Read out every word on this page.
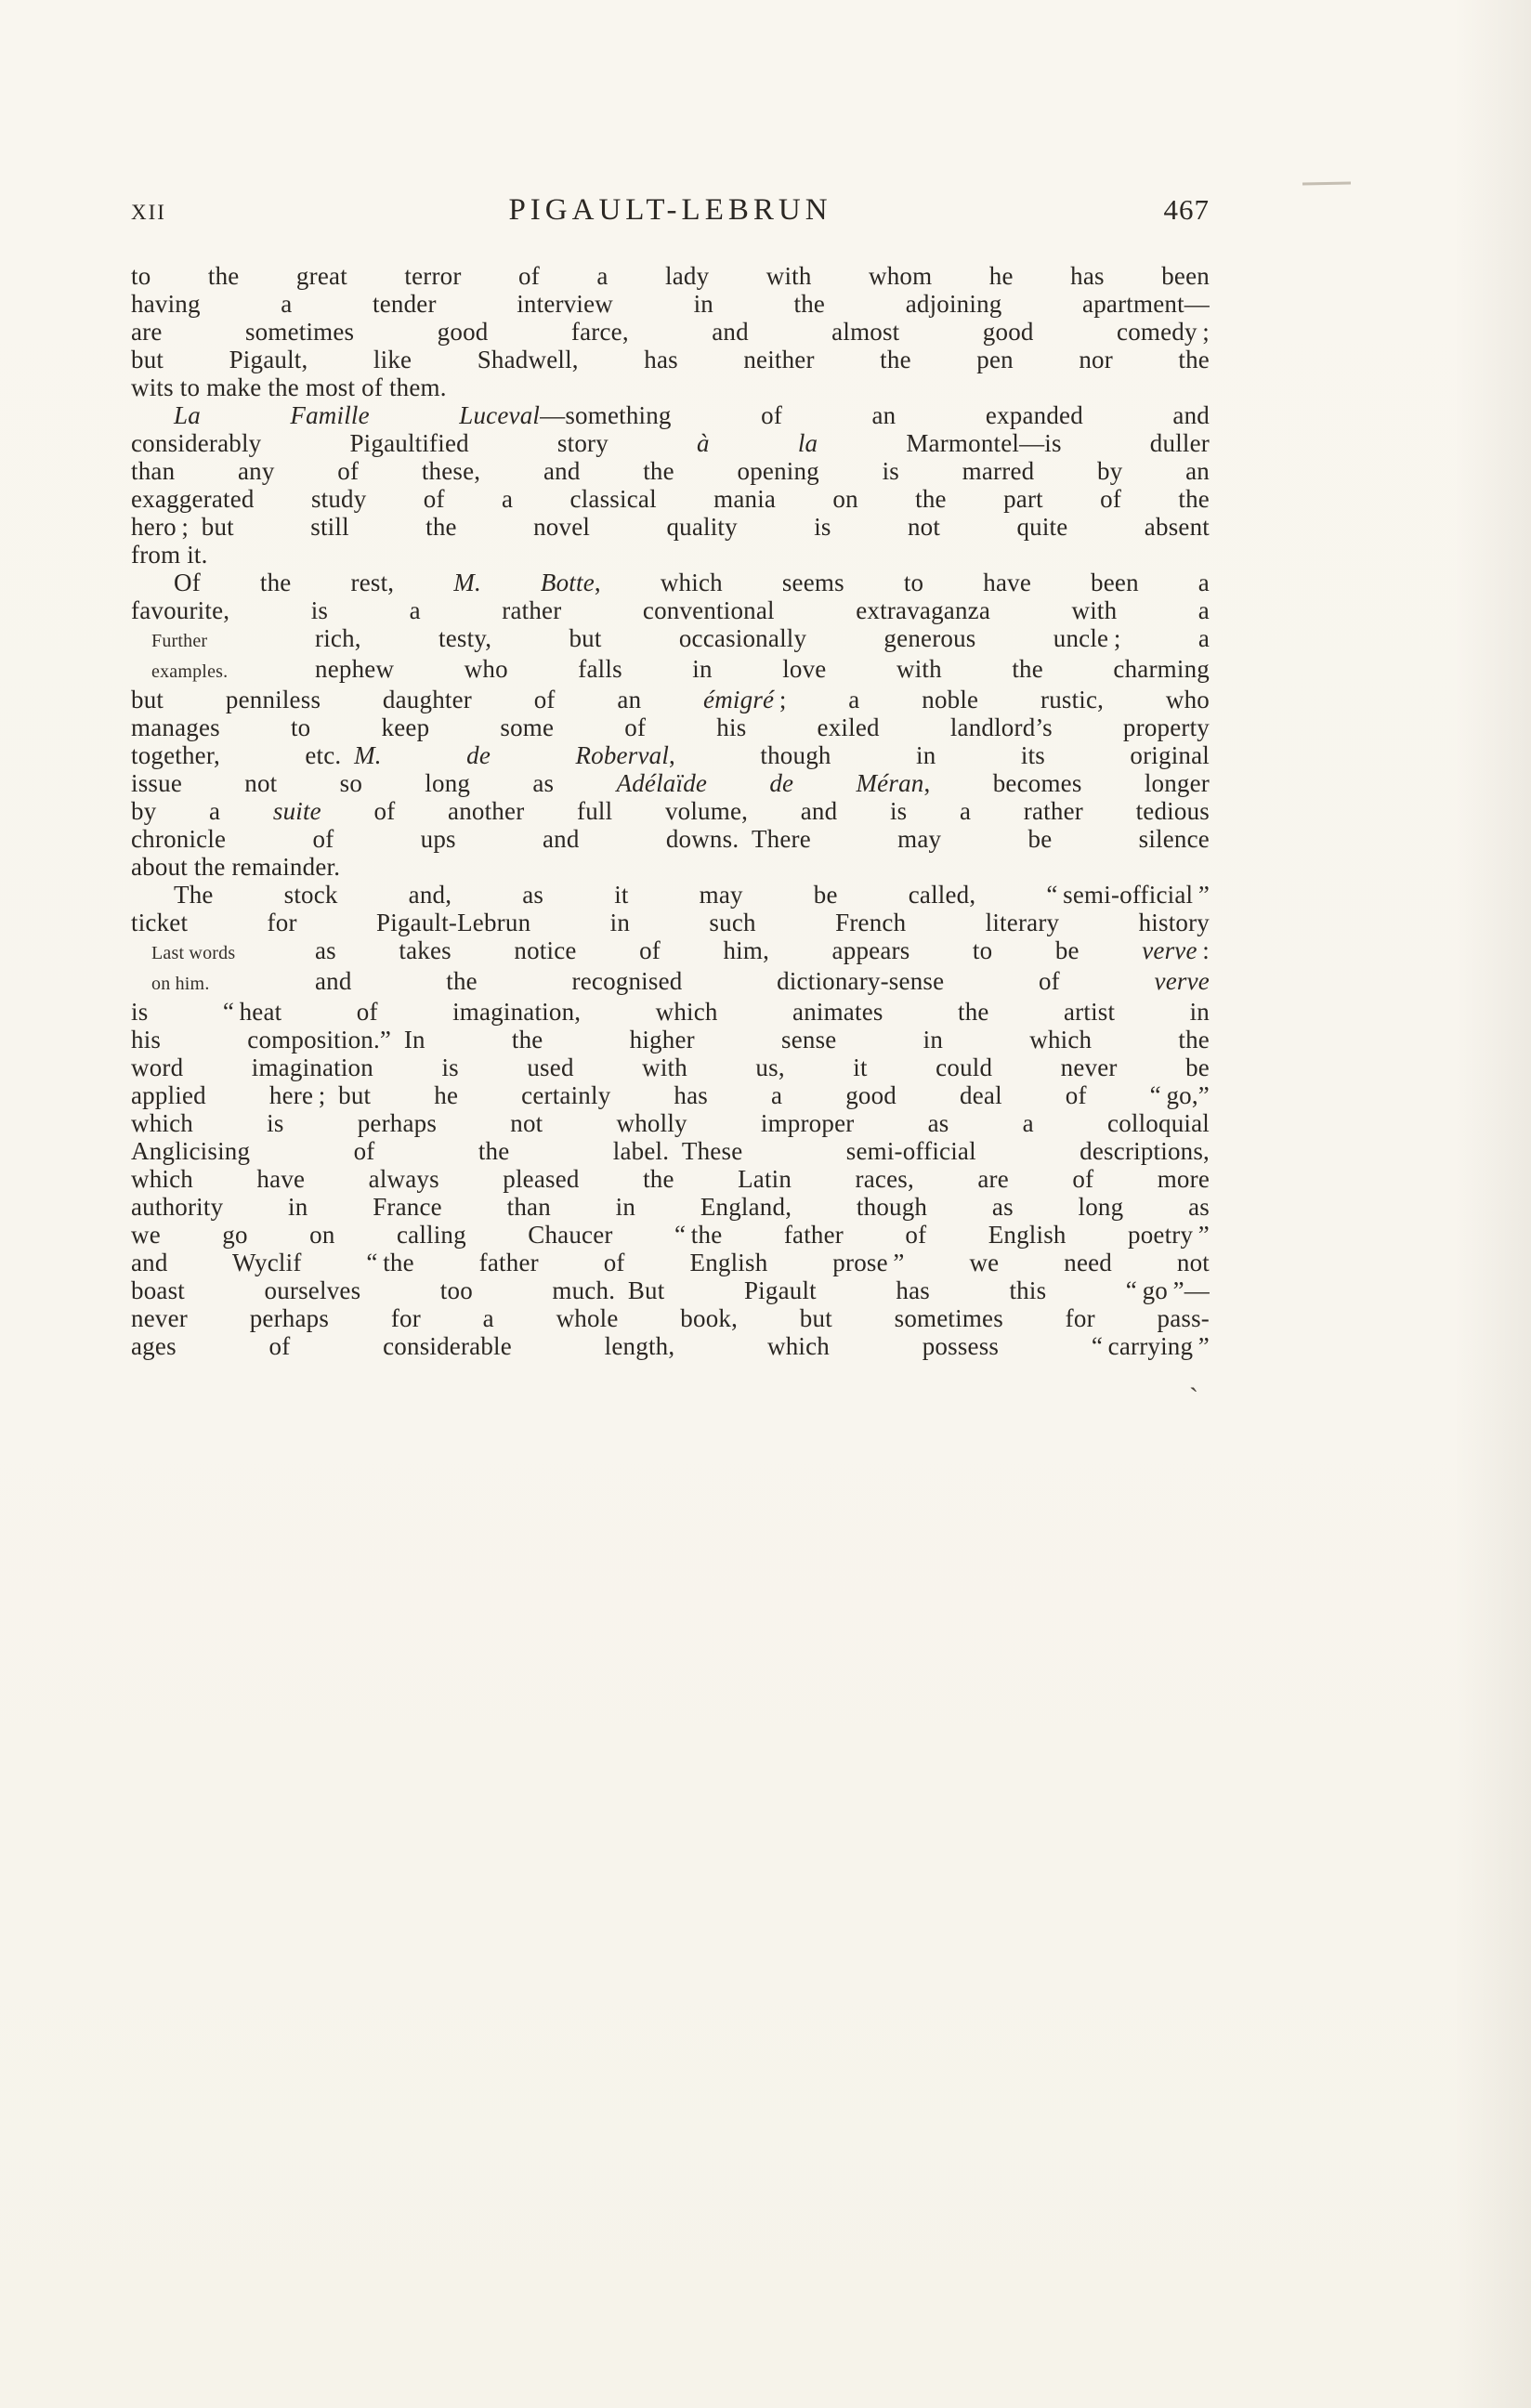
XII	PIGAULT-LEBRUN	467
to the great terror of a lady with whom he has been
having a tender interview in the adjoining apartment—
are sometimes good farce, and almost good comedy ;
but Pigault, like Shadwell, has neither the pen nor the
wits to make the most of them.
La Famille Luceval—something of an expanded and
considerably Pigaultified story à la Marmontel—is duller
than any of these, and the opening is marred by an
exaggerated study of a classical mania on the part of the
hero ; but still the novel quality is not quite absent
from it.
Of the rest, M. Botte, which seems to have been a
favourite, is a rather conventional extravaganza with a
Further	rich, testy, but occasionally generous uncle ; a
examples.	nephew who falls in love with the charming
but penniless daughter of an émigré ; a noble rustic, who
manages to keep some of his exiled landlord’s property
together, etc. M. de Roberval, though in its original
issue not so long as Adélaïde de Méran, becomes longer
by a suite of another full volume, and is a rather tedious
chronicle of ups and downs. There may be silence
about the remainder.
The stock and, as it may be called, “ semi-official ”
ticket for Pigault-Lebrun in such French literary history
Last words	as takes notice of him, appears to be verve :
on him.	and the recognised dictionary-sense of verve
is “ heat of imagination, which animates the artist in
his composition.” In the higher sense in which the
word imagination is used with us, it could never be
applied here ; but he certainly has a good deal of “ go,”
which is perhaps not wholly improper as a colloquial
Anglicising of the label. These semi-official descriptions,
which have always pleased the Latin races, are of more
authority in France than in England, though as long as
we go on calling Chaucer “ the father of English poetry ”
and Wyclif “ the father of English prose ” we need not
boast ourselves too much. But Pigault has this “ go ”—
never perhaps for a whole book, but sometimes for pass-
ages of considerable length, which possess “ carrying ”
ˋ
